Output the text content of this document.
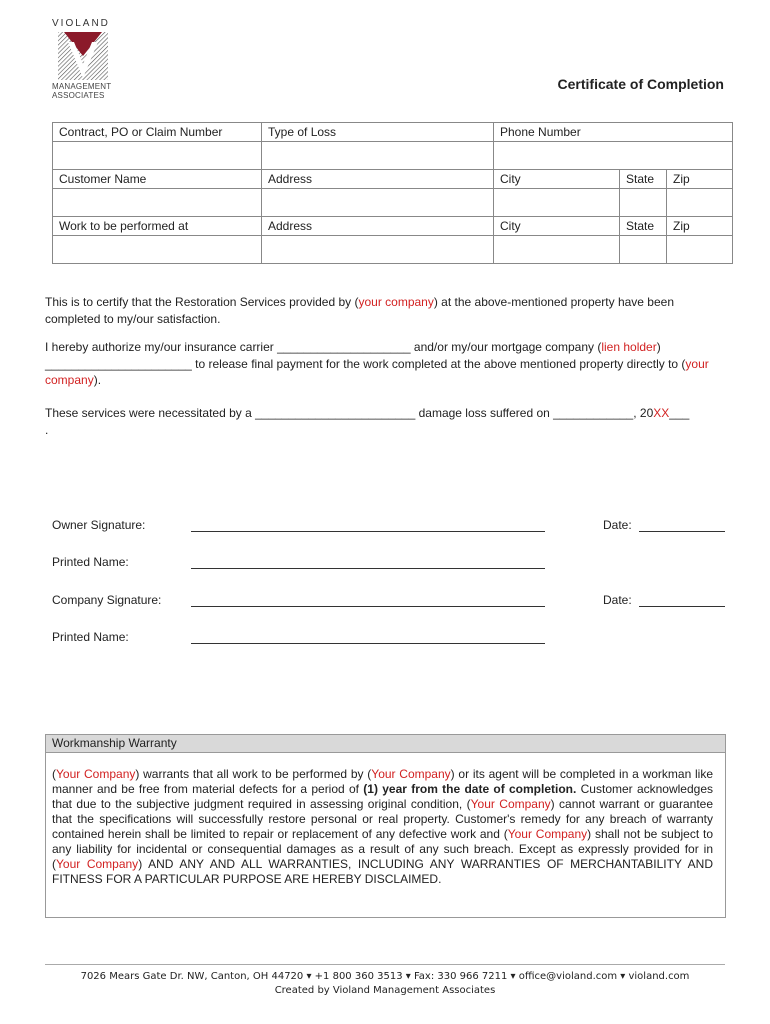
VIOLAND
MANAGEMENT
ASSOCIATES
Certificate of Completion
Contract, PO or Claim Number	Type of Loss	Phone Number		

Customer Name	Address	City	State	Zip

Work to be performed at	Address	City	State	Zip

This is to certify that the Restoration Services provided by (your company) at the above-mentioned property have been completed to my/our satisfaction.
I hereby authorize my/our insurance carrier ____________________ and/or my/our mortgage company (lien holder) ______________________ to release final payment for the work completed at the above mentioned property directly to (your company).
These services were necessitated by a ________________________ damage loss suffered on ____________, 20XX___
.
Owner Signature:	Date:
Printed Name:
Company Signature:	Date:
Printed Name:
Workmanship Warranty
(Your Company) warrants that all work to be performed by (Your Company) or its agent will be completed in a workman like manner and be free from material defects for a period of (1) year from the date of completion. Customer acknowledges that due to the subjective judgment required in assessing original condition, (Your Company) cannot warrant or guarantee that the specifications will successfully restore personal or real property. Customer's remedy for any breach of warranty contained herein shall be limited to repair or replacement of any defective work and (Your Company) shall not be subject to any liability for incidental or consequential damages as a result of any such breach. Except as expressly provided for in (Your Company) AND ANY AND ALL WARRANTIES, INCLUDING ANY WARRANTIES OF MERCHANTABILITY AND FITNESS FOR A PARTICULAR PURPOSE ARE HEREBY DISCLAIMED.
7026 Mears Gate Dr. NW, Canton, OH 44720 ▾ +1 800 360 3513 ▾ Fax: 330 966 7211 ▾ office@violand.com ▾ violand.com
Created by Violand Management Associates
